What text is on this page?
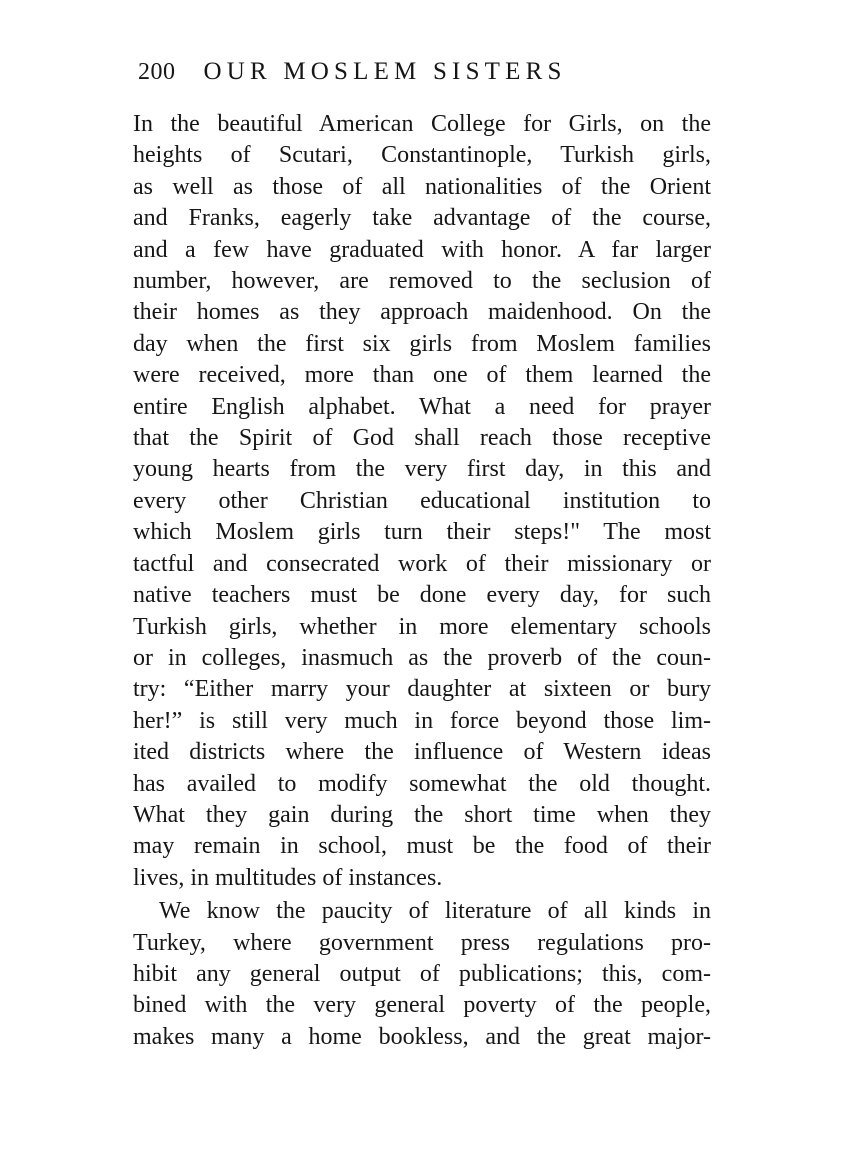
200 OUR MOSLEM SISTERS
In the beautiful American College for Girls, on the
heights of Scutari, Constantinople, Turkish girls,
as well as those of all nationalities of the Orient
and Franks, eagerly take advantage of the course,
and a few have graduated with honor. A far larger
number, however, are removed to the seclusion of
their homes as they approach maidenhood. On the
day when the first six girls from Moslem families
were received, more than one of them learned the
entire English alphabet. What a need for prayer
that the Spirit of God shall reach those receptive
young hearts from the very first day, in this and
every other Christian educational institution to
which Moslem girls turn their steps!" The most
tactful and consecrated work of their missionary or
native teachers must be done every day, for such
Turkish girls, whether in more elementary schools
or in colleges, inasmuch as the proverb of the coun-
try: “Either marry your daughter at sixteen or bury
her!” is still very much in force beyond those lim-
ited districts where the influence of Western ideas
has availed to modify somewhat the old thought.
What they gain during the short time when they
may remain in school, must be the food of their
lives, in multitudes of instances.
We know the paucity of literature of all kinds in
Turkey, where government press regulations pro-
hibit any general output of publications; this, com-
bined with the very general poverty of the people,
makes many a home bookless, and the great major-
